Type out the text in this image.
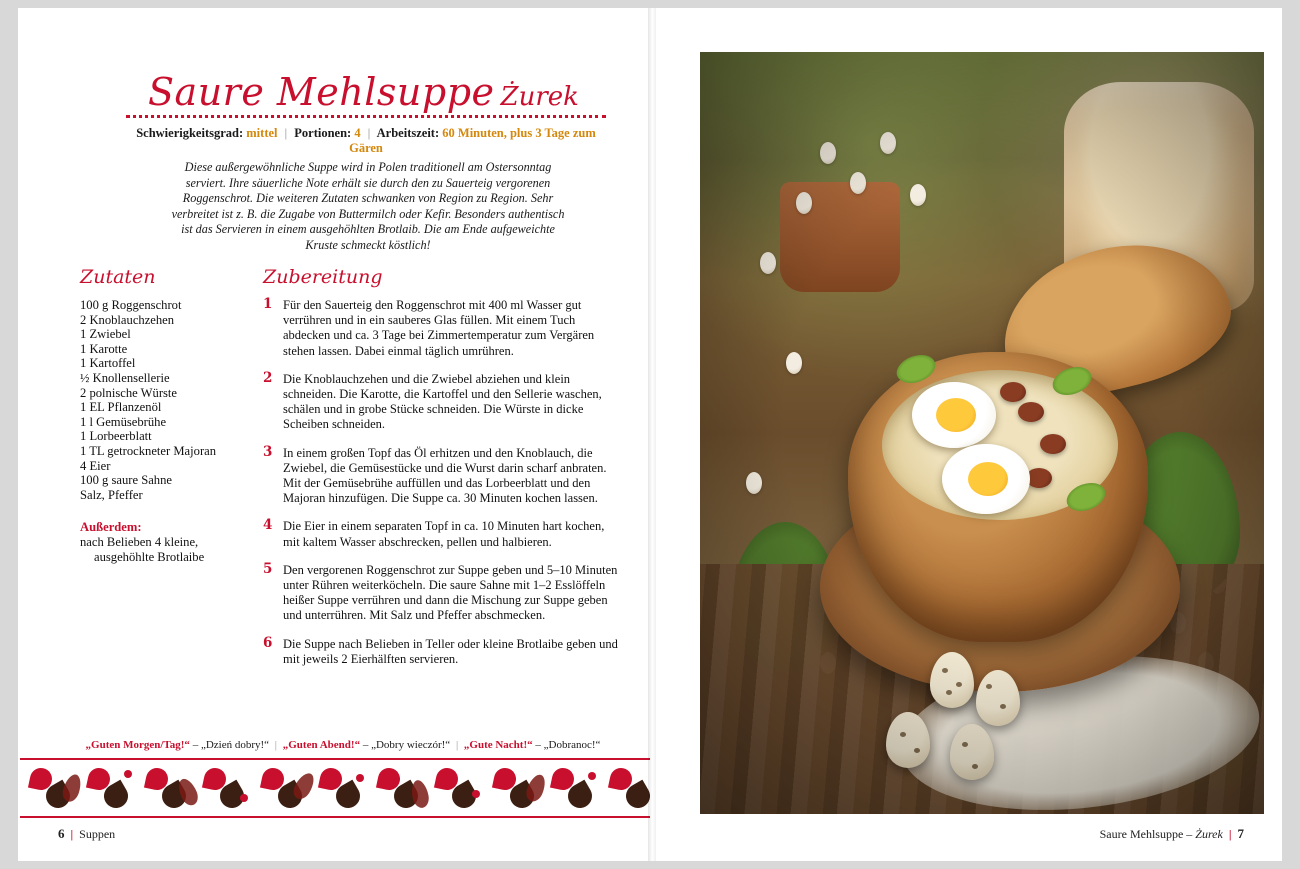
Saure Mehlsuppe Żurek
Schwierigkeitsgrad: mittel | Portionen: 4 | Arbeitszeit: 60 Minuten, plus 3 Tage zum Gären
Diese außergewöhnliche Suppe wird in Polen traditionell am Ostersonntag serviert. Ihre säuerliche Note erhält sie durch den zu Sauerteig vergorenen Roggenschrot. Die weiteren Zutaten schwanken von Region zu Region. Sehr verbreitet ist z. B. die Zugabe von Buttermilch oder Kefir. Besonders authentisch ist das Servieren in einem ausgehöhlten Brotlaib. Die am Ende aufgeweichte Kruste schmeckt köstlich!
Zutaten
100 g Roggenschrot
2 Knoblauchzehen
1 Zwiebel
1 Karotte
1 Kartoffel
½ Knollensellerie
2 polnische Würste
1 EL Pflanzenöl
1 l Gemüsebrühe
1 Lorbeerblatt
1 TL getrockneter Majoran
4 Eier
100 g saure Sahne
Salz, Pfeffer
Außerdem:
nach Belieben 4 kleine,
ausgehöhlte Brotlaibe
Zubereitung
1 Für den Sauerteig den Roggenschrot mit 400 ml Wasser gut verrühren und in ein sauberes Glas füllen. Mit einem Tuch abdecken und ca. 3 Tage bei Zimmertemperatur zum Vergären stehen lassen. Dabei einmal täglich umrühren.
2 Die Knoblauchzehen und die Zwiebel abziehen und klein schneiden. Die Karotte, die Kartoffel und den Sellerie waschen, schälen und in grobe Stücke schneiden. Die Würste in dicke Scheiben schneiden.
3 In einem großen Topf das Öl erhitzen und den Knoblauch, die Zwiebel, die Gemüsestücke und die Wurst darin scharf anbraten. Mit der Gemüsebrühe auffüllen und das Lorbeerblatt und den Majoran hinzufügen. Die Suppe ca. 30 Minuten kochen lassen.
4 Die Eier in einem separaten Topf in ca. 10 Minuten hart kochen, mit kaltem Wasser abschrecken, pellen und halbieren.
5 Den vergorenen Roggenschrot zur Suppe geben und 5–10 Minuten unter Rühren weiterköcheln. Die saure Sahne mit 1–2 Esslöffeln heißer Suppe verrühren und dann die Mischung zur Suppe geben und unterrühren. Mit Salz und Pfeffer abschmecken.
6 Die Suppe nach Belieben in Teller oder kleine Brotlaibe geben und mit jeweils 2 Eierhälften servieren.
„Guten Morgen/Tag!“ – „Dzień dobry!“ | „Guten Abend!“ – „Dobry wieczór!“ | „Gute Nacht!“ – „Dobranoc!“
6 | Suppen	Saure Mehlsuppe – Żurek | 7
